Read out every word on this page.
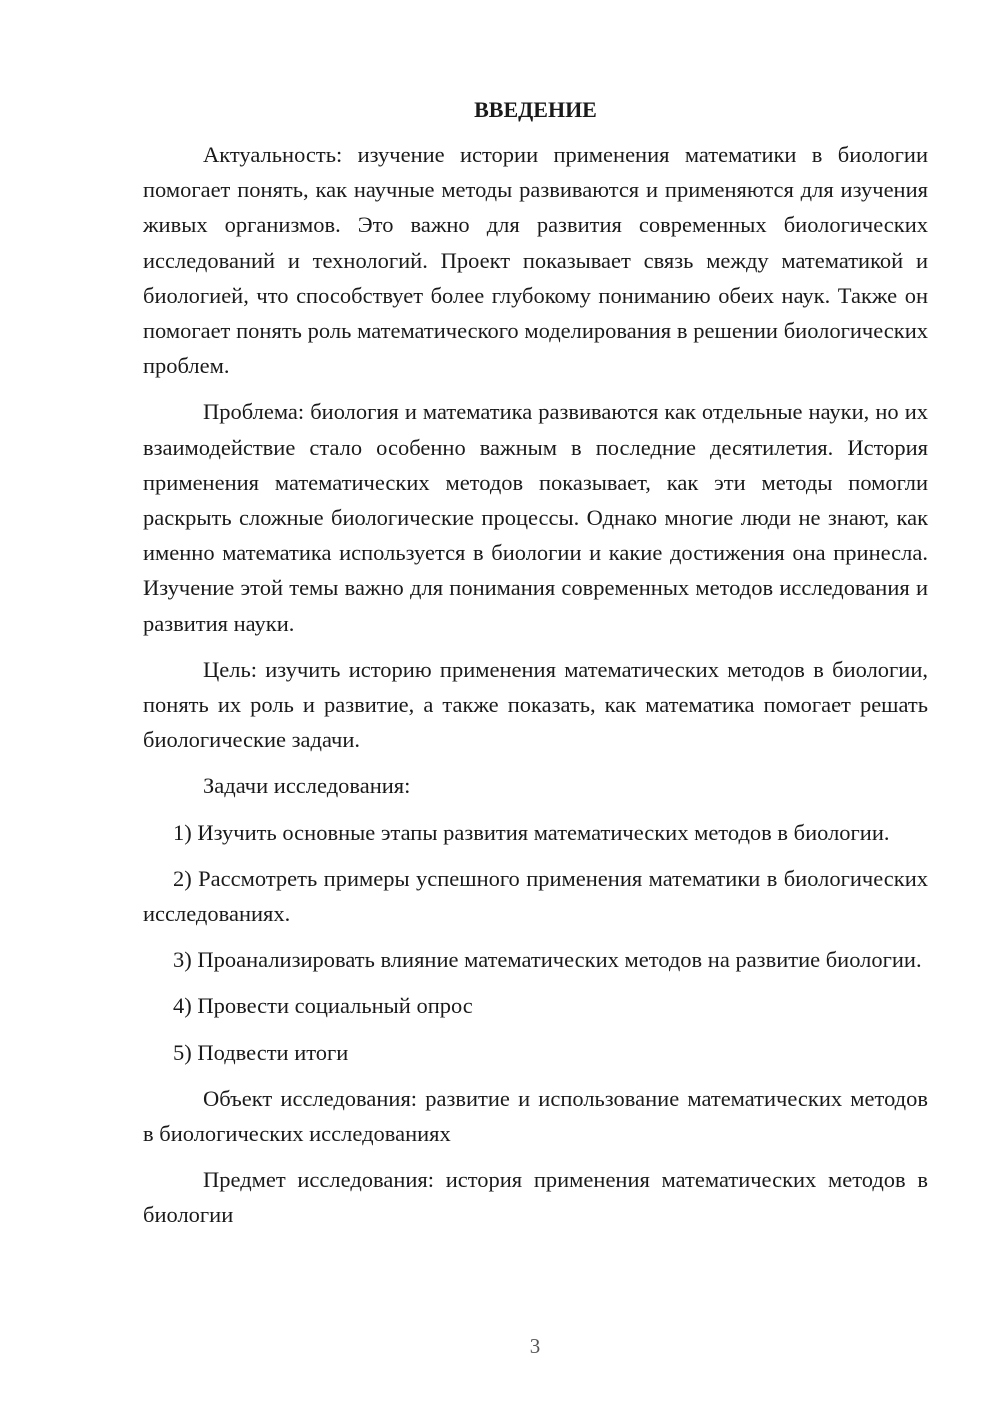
ВВЕДЕНИЕ

Актуальность: изучение истории применения математики в биологии помогает понять, как научные методы развиваются и применяются для изучения живых организмов. Это важно для развития современных биологических исследований и технологий. Проект показывает связь между математикой и биологией, что способствует более глубокому пониманию обеих наук. Также он помогает понять роль математического моделирования в решении биологических проблем.

Проблема: биология и математика развиваются как отдельные науки, но их взаимодействие стало особенно важным в последние десятилетия. История применения математических методов показывает, как эти методы помогли раскрыть сложные биологические процессы. Однако многие люди не знают, как именно математика используется в биологии и какие достижения она принесла. Изучение этой темы важно для понимания современных методов исследования и развития науки.

Цель: изучить историю применения математических методов в биологии, понять их роль и развитие, а также показать, как математика помогает решать биологические задачи.

Задачи исследования:

1) Изучить основные этапы развития математических методов в биологии.

2) Рассмотреть примеры успешного применения математики в биологических исследованиях.

3) Проанализировать влияние математических методов на развитие биологии.

4) Провести социальный опрос

5) Подвести итоги

Объект исследования: развитие и использование математических методов в биологических исследованиях

Предмет исследования: история применения математических методов в биологии

3
